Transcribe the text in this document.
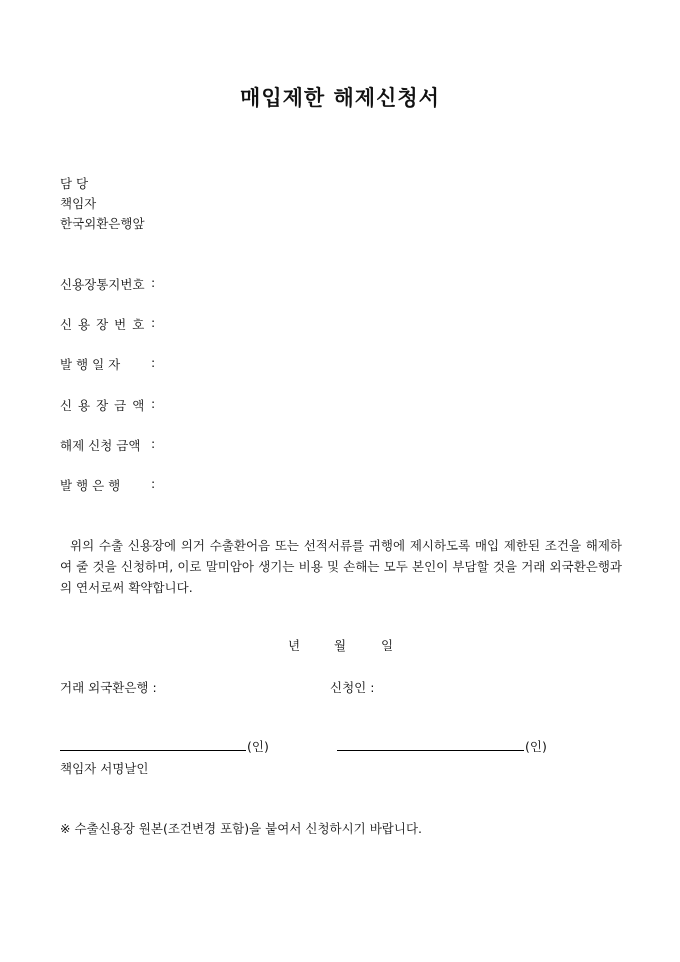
매입제한 해제신청서
담 당
책임자
한국외환은행앞
신용장통지번호 :
신 용 장 번 호 :
발 행 일 자 :
신 용 장 금 액 :
해제 신청 금액 :
발 행 은 행 :
위의 수출 신용장에 의거 수출환어음 또는 선적서류를 귀행에 제시하도록 매입 제한된 조건을 해제하여 줄 것을 신청하며, 이로 말미암아 생기는 비용 및 손해는 모두 본인이 부담할 것을 거래 외국환은행과의 연서로써 확약합니다.
년	월	일
거래 외국환은행 :	신청인 :
(인)	(인)
책임자 서명날인
※ 수출신용장 원본(조건변경 포함)을 붙여서 신청하시기 바랍니다.
